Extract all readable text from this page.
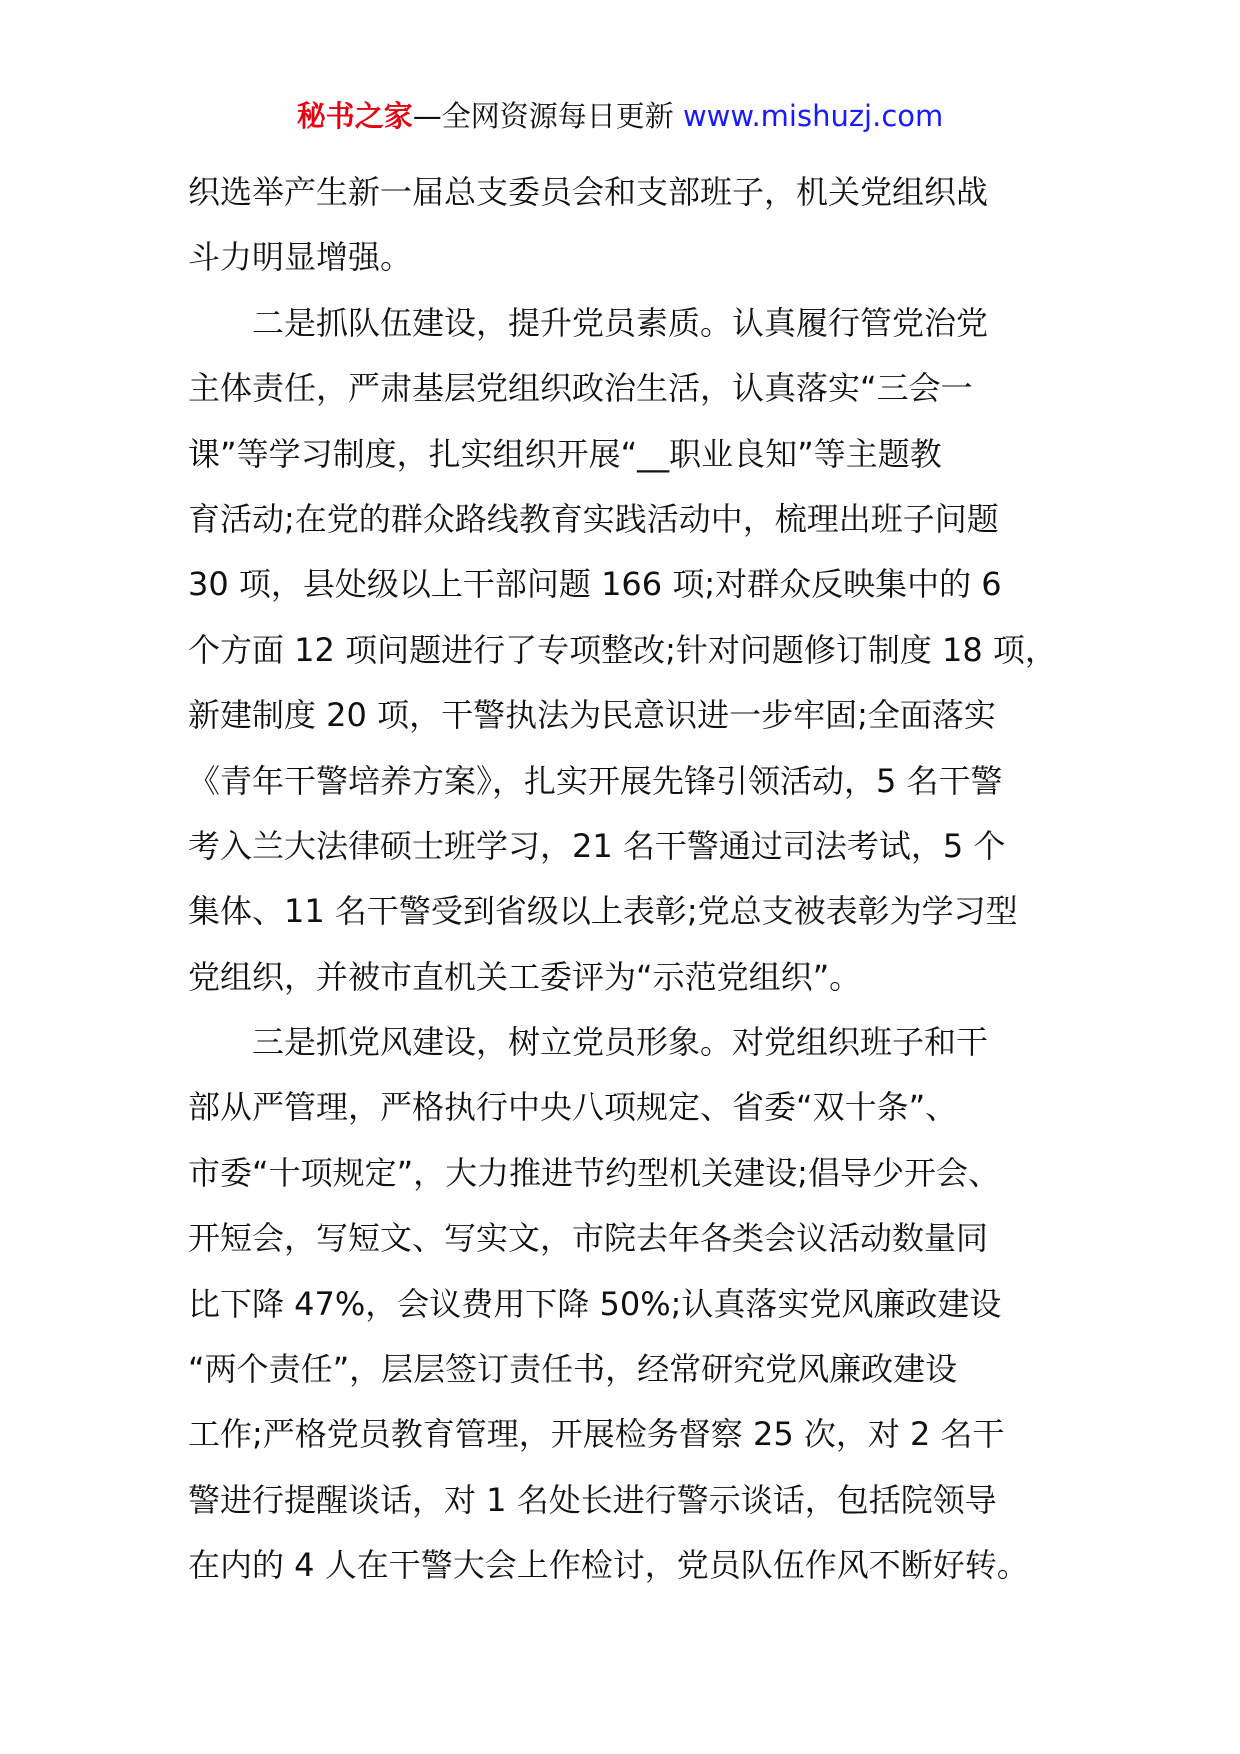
秘书之家—全网资源每日更新 www.mishuzj.com
织选举产生新一届总支委员会和支部班子，机关党组织战
斗力明显增强。
二是抓队伍建设，提升党员素质。认真履行管党治党
主体责任，严肃基层党组织政治生活，认真落实“三会一
课”等学习制度，扎实组织开展“__职业良知”等主题教
育活动;在党的群众路线教育实践活动中，梳理出班子问题
30 项，县处级以上干部问题 166 项;对群众反映集中的 6
个方面 12 项问题进行了专项整改;针对问题修订制度 18 项，
新建制度 20 项，干警执法为民意识进一步牢固;全面落实
《青年干警培养方案》，扎实开展先锋引领活动，5 名干警
考入兰大法律硕士班学习，21 名干警通过司法考试，5 个
集体、11 名干警受到省级以上表彰;党总支被表彰为学习型
党组织，并被市直机关工委评为“示范党组织”。
三是抓党风建设，树立党员形象。对党组织班子和干
部从严管理，严格执行中央八项规定、省委“双十条”、
市委“十项规定”，大力推进节约型机关建设;倡导少开会、
开短会，写短文、写实文，市院去年各类会议活动数量同
比下降 47%，会议费用下降 50%;认真落实党风廉政建设
“两个责任”，层层签订责任书，经常研究党风廉政建设
工作;严格党员教育管理，开展检务督察 25 次，对 2 名干
警进行提醒谈话，对 1 名处长进行警示谈话，包括院领导
在内的 4 人在干警大会上作检讨，党员队伍作风不断好转。
